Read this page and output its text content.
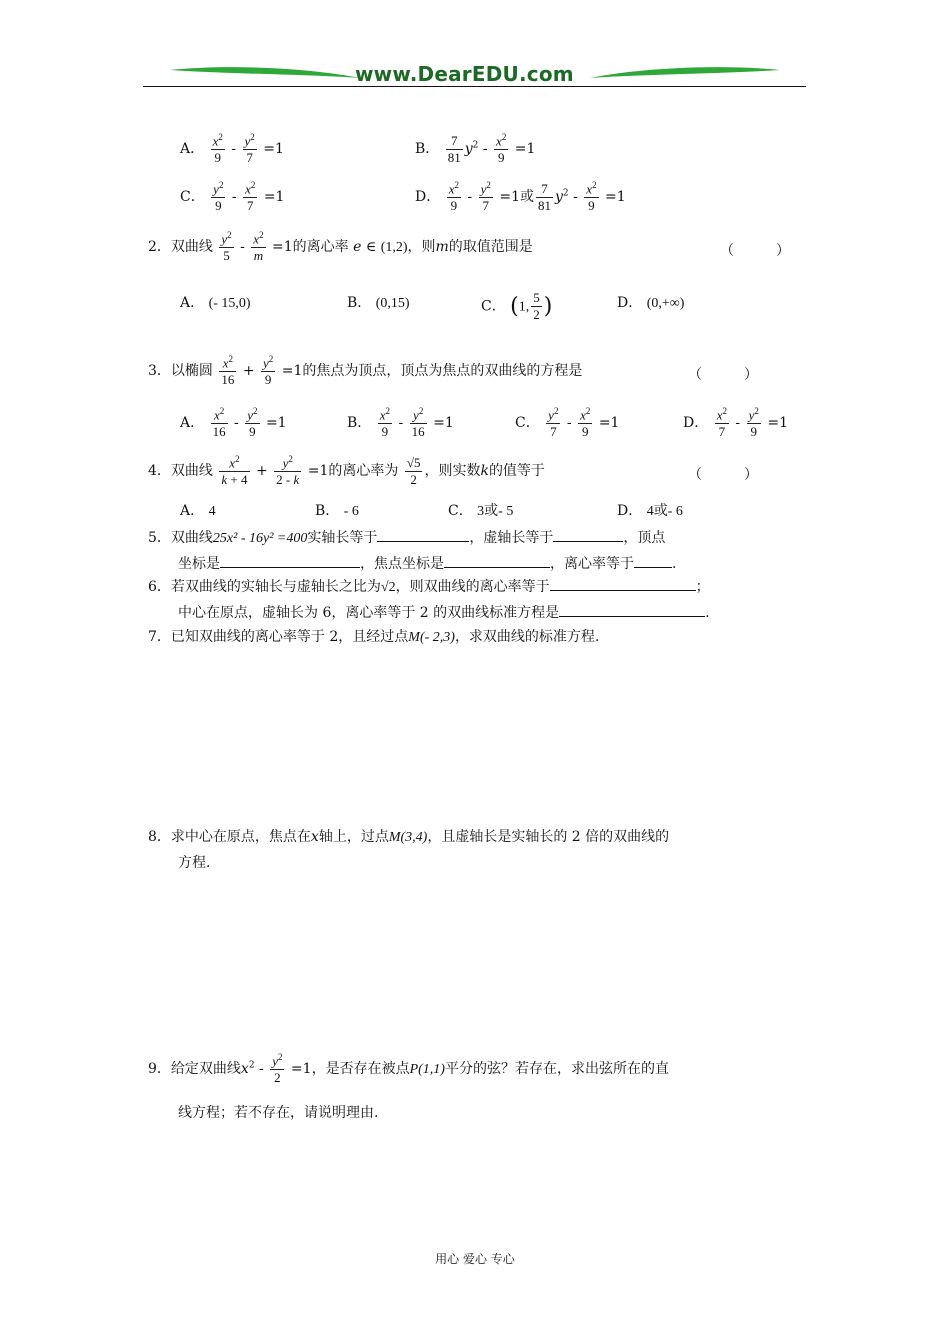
www.DearEDU.com
A． $\frac{x^2}{9} - \frac{y^2}{7} =1$	B． $\frac{7}{81} y^2 - \frac{x^2}{9} =1$
C． $\frac{y^2}{9} - \frac{x^2}{7} =1$	D． $\frac{x^2}{9} - \frac{y^2}{7} =1$或 $\frac{7}{81} y^2 - \frac{x^2}{9} =1$
2．双曲线 $\frac{y^2}{5} - \frac{x^2}{m} =1$的离心率 e ∈ (1,2)，则m的取值范围是	（　　　）
A． (- 15,0)	B． (0,15)	C． (1, $\frac{5}{2}$ )	D． (0,+∞)
3．以椭圆 $\frac{x^2}{16} + \frac{y^2}{9} =1$的焦点为顶点，顶点为焦点的双曲线的方程是	（　　　）
A． $\frac{x^2}{16} - \frac{y^2}{9} =1$	B． $\frac{x^2}{9} - \frac{y^2}{16} =1$	C． $\frac{y^2}{7} - \frac{x^2}{9} =1$	D． $\frac{x^2}{7} - \frac{y^2}{9} =1$
4．双曲线 $\frac{x^2}{k + 4} + \frac{y^2}{2 - k} =1$的离心率为 $\frac{√5}{2}$ ，则实数k的值等于	（　　　）
A． 4	B． - 6	C． 3或- 5	D． 4或- 6
5．双曲线25x² - 16y² =400实轴长等于	，虚轴长等于	，顶点
坐标是	，焦点坐标是	，离心率等于	.
6．若双曲线的实轴长与虚轴长之比为√2，则双曲线的离心率等于	；
中心在原点，虚轴长为 6，离心率等于 2 的双曲线标准方程是	.
7．已知双曲线的离心率等于 2，且经过点M(- 2,3)，求双曲线的标准方程.
8．求中心在原点，焦点在x轴上，过点M(3,4)，且虚轴长是实轴长的 2 倍的双曲线的
方程.
9．给定双曲线$x^2 - \frac{y^2}{2} =1$，是否存在被点P(1,1)平分的弦？若存在，求出弦所在的直
线方程；若不存在，请说明理由.
用心 爱心 专心
